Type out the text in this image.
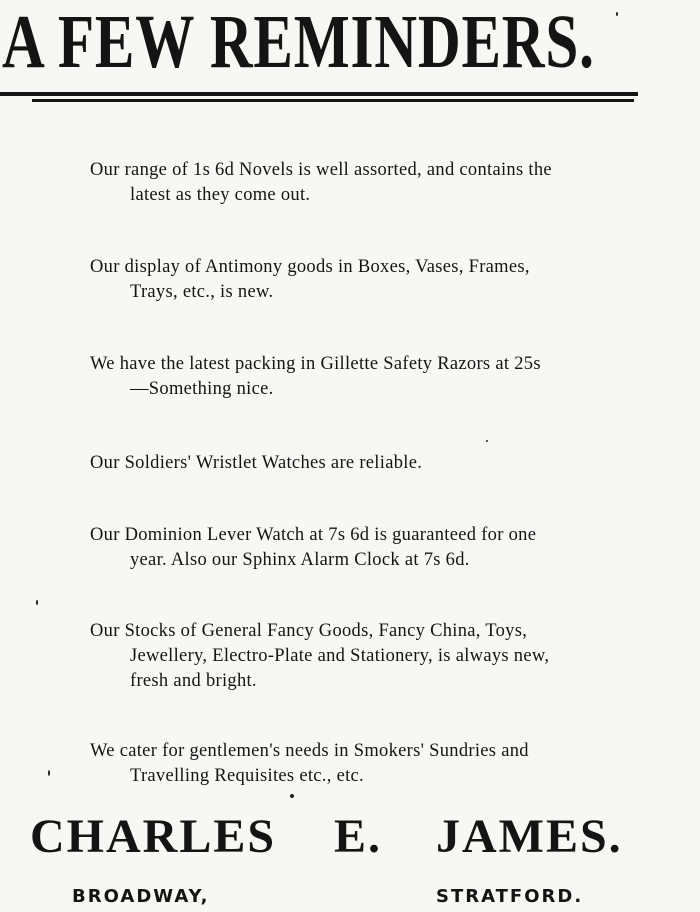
A FEW REMINDERS.
Our range of 1s 6d Novels is well assorted, and contains the
latest as they come out.
Our display of Antimony goods in Boxes, Vases, Frames,
Trays, etc., is new.
We have the latest packing in Gillette Safety Razors at 25s
—Something nice.
Our Soldiers' Wristlet Watches are reliable.
Our Dominion Lever Watch at 7s 6d is guaranteed for one
year. Also our Sphinx Alarm Clock at 7s 6d.
Our Stocks of General Fancy Goods, Fancy China, Toys,
Jewellery, Electro-Plate and Stationery, is always new,
fresh and bright.
We cater for gentlemen's needs in Smokers' Sundries and
Travelling Requisites etc., etc.
CHARLES E. JAMES.
BROADWAY,	STRATFORD.
